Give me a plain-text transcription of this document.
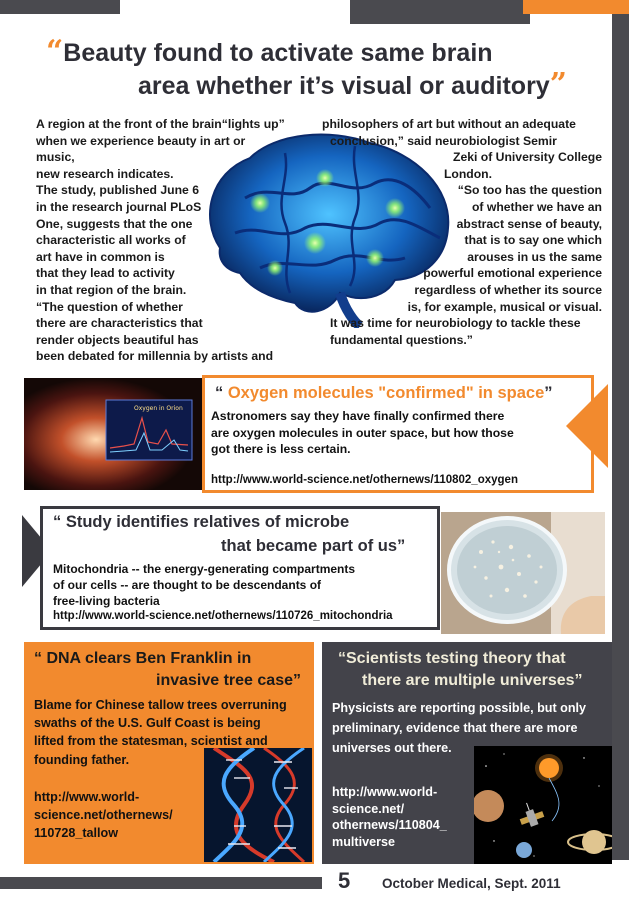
“Beauty found to activate same brain
area whether it’s visual or auditory”

A region at the front of the brain“lights up”

when we experience beauty in art or music,

new research indicates.

The study, published June 6

in the research journal PLoS

One, suggests that the one

characteristic all works of

art have in common is

that they lead to activity

in that region of the brain.

“The question of whether

there are characteristics that

render objects beautiful has

been debated for millennia by artists and

philosophers of art but without an adequate

conclusion,” said neurobiologist Semir

Zeki of University College

London.

“So too has the question

of whether we have an

abstract sense of beauty,

that is to say one which

arouses in us the same

powerful emotional experience

regardless of whether its source

is, for example, musical or visual.

It was time for neurobiology to tackle these

fundamental questions.”

Oxygen in Orion
“ Oxygen molecules "confirmed" in space”

Astronomers say they have finally confirmed there

are oxygen molecules in outer space, but how those

got there is less certain.

http://www.world-science.net/othernews/110802_oxygen
“ Study identifies relatives of microbe
that became part of us”

Mitochondria -- the energy-generating compartments

of our cells -- are thought to be descendants of

free-living bacteria

http://www.world-science.net/othernews/110726_mitochondria
“ DNA clears Ben Franklin in
invasive tree case”

Blame for Chinese tallow trees overruning

swaths of the U.S. Gulf Coast is being

lifted from the statesman, scientist and

founding father.

http://www.world-

science.net/othernews/

110728_tallow

“Scientists testing theory that
there are multiple universes”

Physicists are reporting possible, but only

preliminary, evidence that there are more

universes out there.

http://www.world-

science.net/

othernews/110804_

multiverse

5 October Medical, Sept. 2011
